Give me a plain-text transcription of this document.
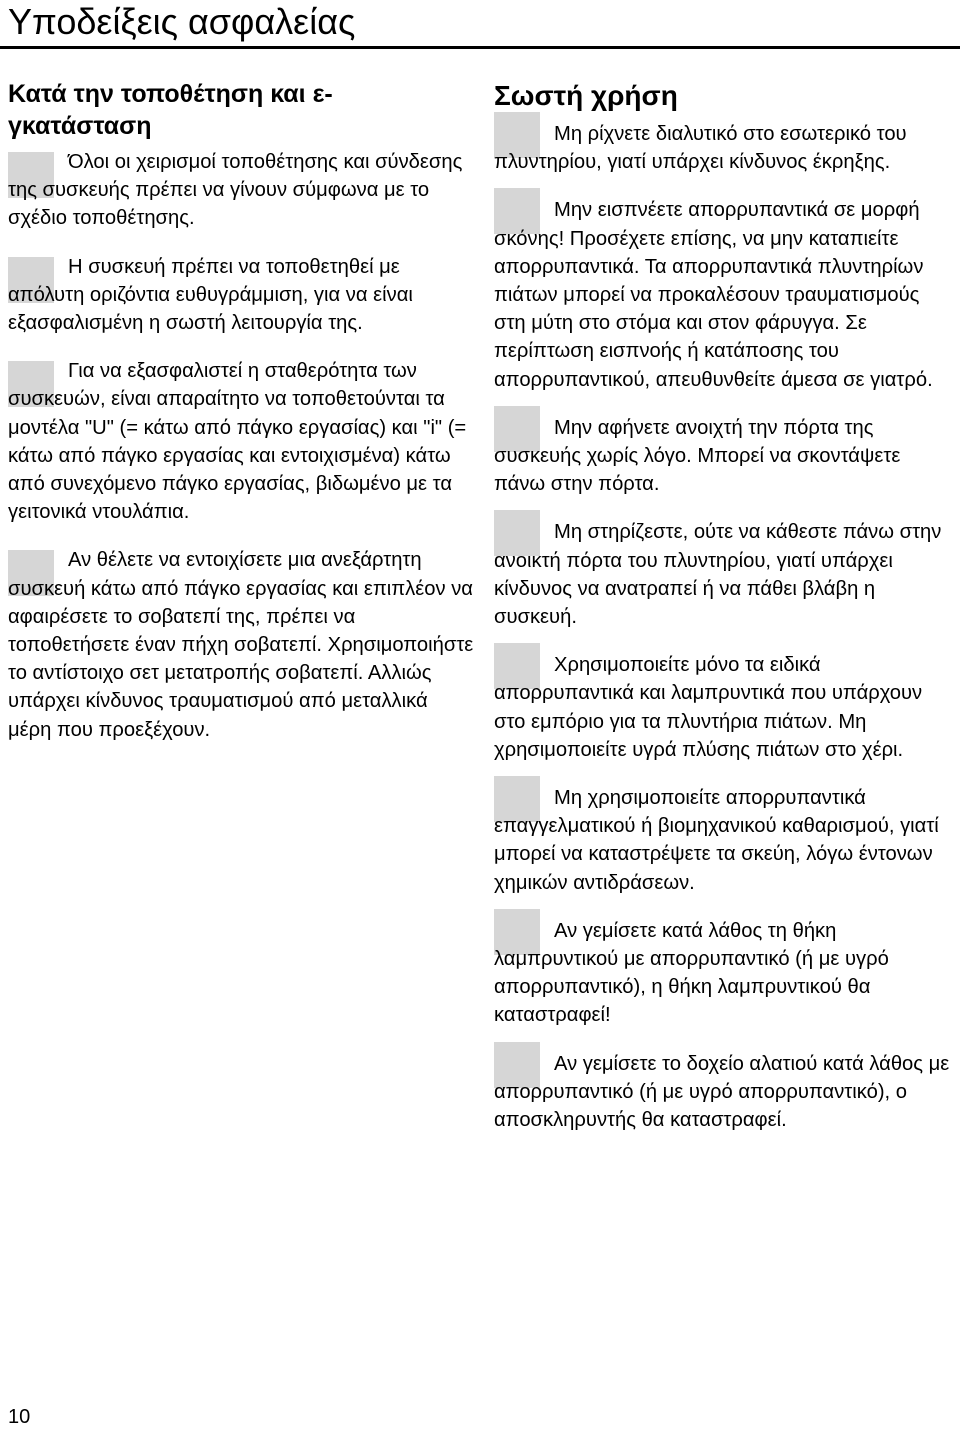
Υποδείξεις ασφαλείας
Κατά την τοποθέτηση και ε-γκατάσταση

Όλοι οι χειρισμοί τοποθέτησης και σύνδεσης της συσκευής πρέπει να γίνουν σύμφωνα με το σχέδιο τοποθέτησης.

Η συσκευή πρέπει να τοποθετηθεί με απόλυτη οριζόντια ευθυγράμμιση, για να είναι εξασφαλισμένη η σωστή λειτουργία της.

Για να εξασφαλιστεί η σταθερότητα των συσκευών, είναι απαραίτητο να τοποθετούνται τα μοντέλα "U" (= κάτω από πάγκο εργασίας) και "i" (= κάτω από πάγκο εργασίας και εντοιχισμένα) κάτω από συνεχόμενο πάγκο εργασίας, βιδωμένο με τα γειτονικά ντουλάπια.

Αν θέλετε να εντοιχίσετε μια ανεξάρτητη συσκευή κάτω από πάγκο εργασίας και επιπλέον να αφαιρέσετε το σοβατεπί της, πρέπει να τοποθετήσετε έναν πήχη σοβατεπί. Χρησιμοποιήστε το αντίστοιχο σετ μετατροπής σοβατεπί. Αλλιώς υπάρχει κίνδυνος τραυματισμού από μεταλλικά μέρη που προεξέχουν.

Σωστή χρήση

Μη ρίχνετε διαλυτικό στο εσωτερικό του πλυντηρίου, γιατί υπάρχει κίνδυνος έκρηξης.

Μην εισπνέετε απορρυπαντικά σε μορφή σκόνης! Προσέχετε επίσης, να μην καταπιείτε απορρυπαντικά. Τα απορρυπαντικά πλυντηρίων πιάτων μπορεί να προκαλέσουν τραυματισμούς στη μύτη στο στόμα και στον φάρυγγα. Σε περίπτωση εισπνοής ή κατάποσης του απορρυπαντικού, απευθυνθείτε άμεσα σε γιατρό.

Μην αφήνετε ανοιχτή την πόρτα της συσκευής χωρίς λόγο. Μπορεί να σκοντάψετε πάνω στην πόρτα.

Μη στηρίζεστε, ούτε να κάθεστε πάνω στην ανοικτή πόρτα του πλυντηρίου, γιατί υπάρχει κίνδυνος να ανατραπεί ή να πάθει βλάβη η συσκευή.

Χρησιμοποιείτε μόνο τα ειδικά απορρυπαντικά και λαμπρυντικά που υπάρχουν στο εμπόριο για τα πλυντήρια πιάτων. Μη χρησιμοποιείτε υγρά πλύσης πιάτων στο χέρι.

Μη χρησιμοποιείτε απορρυπαντικά επαγγελματικού ή βιομηχανικού καθαρισμού, γιατί μπορεί να καταστρέψετε τα σκεύη, λόγω έντονων χημικών αντιδράσεων.

Αν γεμίσετε κατά λάθος τη θήκη λαμπρυντικού με απορρυπαντικό (ή με υγρό απορρυπαντικό), η θήκη λαμπρυντικού θα καταστραφεί!

Αν γεμίσετε το δοχείο αλατιού κατά λάθος με απορρυπαντικό (ή με υγρό απορρυπαντικό), ο αποσκληρυντής θα καταστραφεί.

10
